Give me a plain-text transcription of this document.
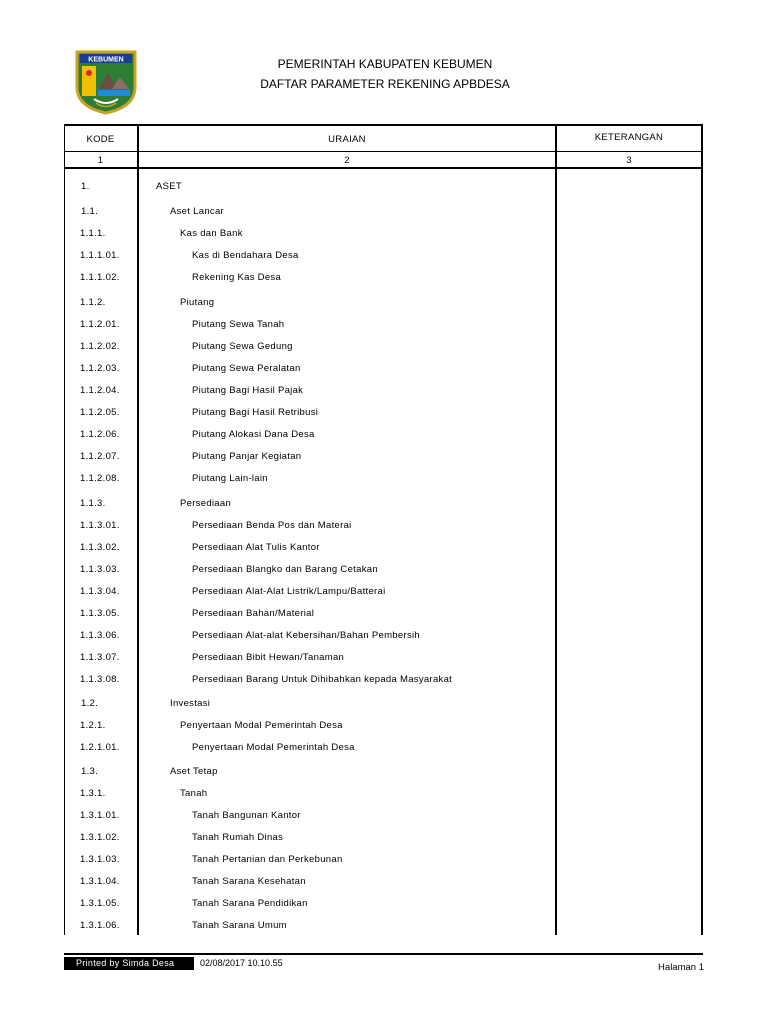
KEBUMEN	PEMERINTAH KABUPATEN KEBUMEN
DAFTAR PARAMETER REKENING APBDESA
KODE	URAIAN	KETERANGAN
1	2	3
1.	ASET
1.1.	Aset Lancar
1.1.1.	Kas dan Bank
1.1.1.01.	Kas di Bendahara Desa
1.1.1.02.	Rekening Kas Desa
1.1.2.	Piutang
1.1.2.01.	Piutang Sewa Tanah
1.1.2.02.	Piutang Sewa Gedung
1.1.2.03.	Piutang Sewa Peralatan
1.1.2.04.	Piutang Bagi Hasil Pajak
1.1.2.05.	Piutang Bagi Hasil Retribusi
1.1.2.06.	Piutang Alokasi Dana Desa
1.1.2.07.	Piutang Panjar Kegiatan
1.1.2.08.	Piutang Lain-lain
1.1.3.	Persediaan
1.1.3.01.	Persediaan Benda Pos dan Materai
1.1.3.02.	Persediaan Alat Tulis Kantor
1.1.3.03.	Persediaan Blangko dan Barang Cetakan
1.1.3.04.	Persediaan Alat-Alat Listrik/Lampu/Batterai
1.1.3.05.	Persediaan Bahan/Material
1.1.3.06.	Persediaan Alat-alat Kebersihan/Bahan Pembersih
1.1.3.07.	Persediaan Bibit Hewan/Tanaman
1.1.3.08.	Persediaan Barang Untuk Dihibahkan kepada Masyarakat
1.2.	Investasi
1.2.1.	Penyertaan Modal Pemerintah Desa
1.2.1.01.	Penyertaan Modal Pemerintah Desa
1.3.	Aset Tetap
1.3.1.	Tanah
1.3.1.01.	Tanah Bangunan Kantor
1.3.1.02.	Tanah Rumah Dinas
1.3.1.03.	Tanah Pertanian dan Perkebunan
1.3.1.04.	Tanah Sarana Kesehatan
1.3.1.05.	Tanah Sarana Pendidikan
1.3.1.06.	Tanah Sarana Umum
Printed by Simda Desa	02/08/2017 10.10.55	Halaman 1
